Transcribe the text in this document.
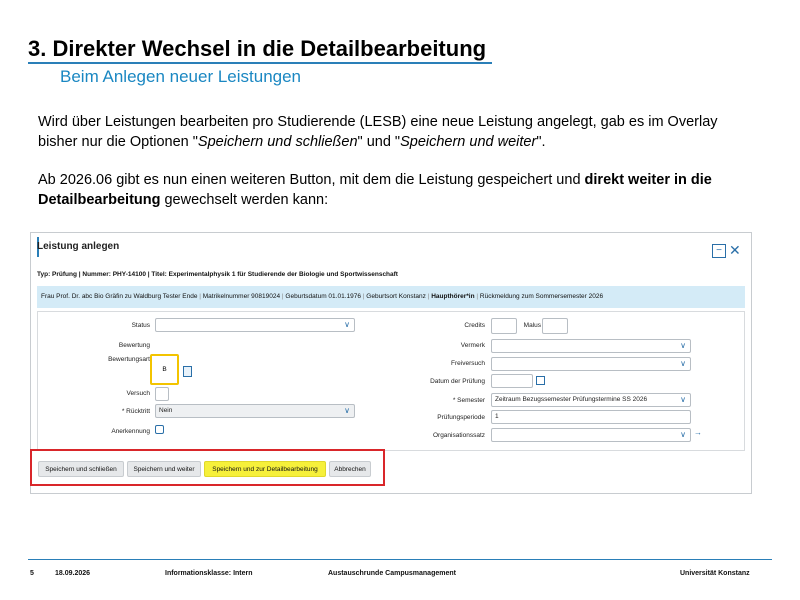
3. Direkter Wechsel in die Detailbearbeitung
Beim Anlegen neuer Leistungen
Wird über Leistungen bearbeiten pro Studierende (LESB) eine neue Leistung angelegt, gab es im Overlay bisher nur die Optionen "Speichern und schließen" und "Speichern und weiter".
Ab 2026.06 gibt es nun einen weiteren Button, mit dem die Leistung gespeichert und direkt weiter in die Detailbearbeitung gewechselt werden kann:
Leistung anlegen	− ✕
Typ: Prüfung | Nummer: PHY-14100 | Titel: Experimentalphysik 1 für Studierende der Biologie und Sportwissenschaft
Frau Prof. Dr. abc Bio Gräfin zu Waldburg Tester Ende | Matrikelnummer 90819024 | Geburtsdatum 01.01.1976 | Geburtsort Konstanz | Haupthörer*in | Rückmeldung zum Sommersemester 2026
Status	∨
Bewertung
Bewertungsart
B
Versuch
* Rücktritt	Nein	∨
Anerkennung
Credits	Malus
Vermerk	∨
Freiversuch	∨
Datum der Prüfung
* Semester	Zeitraum Bezugssemester Prüfungstermine SS 2026	∨
Prüfungsperiode	1
Organisationssatz	∨ →
Speichern und schließen	Speichern und weiter	Speichern und zur Detailbearbeitung	Abbrechen
5	18.09.2026	Informationsklasse: Intern	Austauschrunde Campusmanagement	Universität Konstanz
